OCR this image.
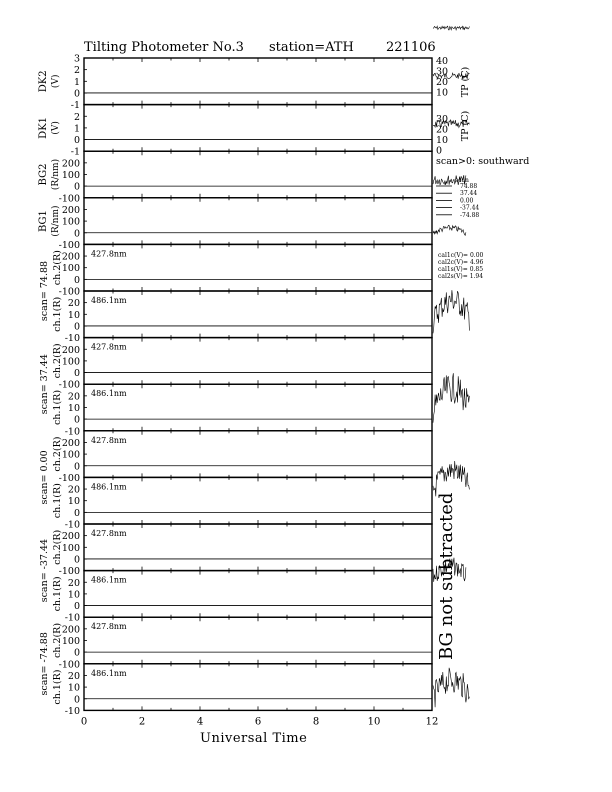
Tilting Photometer No.3 station=ATH 221106
3
2
1
0
-1
DK2 (V)
2
1
0
-1
DK1 (V)
200
100
0
-100
BG2 (R/nm)
200
100
0
-100
BG1 (R/nm)
200
100
0
-100
ch.2(R)
scan= 74.88
427.8nm
20
10
0
-10
ch.1(R)	486.1nm
200
100
0
-100
ch.2(R)
scan= 37.44
427.8nm
20
10
0
-10
ch.1(R)	486.1nm
200
100
0
-100
ch.2(R)
scan= 0.00
427.8nm
20
10
0
-10
ch.1(R)	486.1nm
200
100
0
-100
ch.2(R)
scan= -37.44
427.8nm
20
10
0
-10
ch.1(R)	486.1nm
200
100
0
-100
ch.2(R)
scan= -74.88
427.8nm
20
10
0
-10
ch.1(R)	486.1nm
0	2	4	6	8	10	12
40
30
20
10
30
20
10
0
TP (C)
TP (C)
scan>0: southward
scan
74.88
37.44
0.00
-37.44
-74.88
cal1c(V)= 0.00
cal2c(V)= 4.96
cal1s(V)= 0.85
cal2s(V)= 1.94
BG not subtracted
Universal Time
